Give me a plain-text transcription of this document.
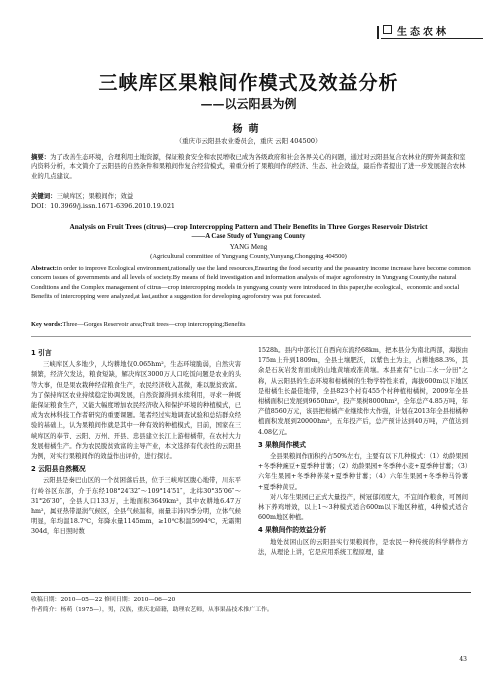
生态农林
三峡库区果粮间作模式及效益分析
——以云阳县为例
杨萌
（重庆市云阳县农业委员会，重庆 云阳 404500）
摘要：为了改善生态环境，合理利用土地资源，保证粮食安全和农民增收已成为各级政府和社会各界关心的问题，通过对云阳县复合农林业的野外调查和室内资料分析，本文简介了云阳县的自然条件和果粮间作复合经营模式，着重分析了果粮间作的经济、生态、社会效益，最后作者提出了进一步发展混合农林业的几点建议。
关键词：三峡库区；果粮间作；效益
DOI：10.3969/j.issn.1671-6396.2010.19.021
Analysis on Fruit Trees (citrus)—crop Intercropping Pattern and Their Benefits in Three Gorges Reservoir District
——A Case Study of Yungyang County
YANG Meng
(Agricultural committee of Yungyang County,Yunyang,Chongqing 404500)
Abstract:in order to improve Ecological environment,rationally use the land resources,Ensuring the food security and the peasantry income increase have become common concern issues of governments and all levels of society.By means of field investigation and information analysis of major agroforestry in Yungyang County,the natural Conditions and the Complex management of citrus—crop intercropping models in yungyang county were introduced in this paper,the ecological、economic and social Benefits of intercropping were analyzed,at last,author a suggestion for developing agroforstry was put forecasted.
Key words:Three—Gorges Reservoir area;Fruit trees—crop intercropping;Benefits
1 引言

三峡库区人多地少，人均耕地仅0.065hm²，生态环境脆弱，自然灾害频繁，经济欠发达，粮食短缺，解决库区3000万人口吃饭问题是农业的头等大事，但是果农栽种经营粮食生产，农民经济收入甚微，难以脱贫致富。为了保持库区农业持续稳定协调发展，自然资源得到永续利用，寻求一种既能保证粮食生产，又能大幅度增加农民经济收入和保护环境的种植模式，已成为农林科技工作者研究的重要课题。笔者经过实地调查试验和总结群众经验的基础上，认为果粮间作就是其中一种有效的种植模式，目前，国家在三峡库区的奉节、云阳、万州、开县、忠县建立长江上游柑橘带，在农村大力发展柑橘生产。作为农民脱贫致富的主导产业，本文选择有代表性的云阳县为例，对实行果粮间作的效益作出评价，进行探讨。

2 云阳县自然概况

云阳县是秦巴山区的一个贫困落后县，位于三峡库区腹心地带，川东平行岭谷区东部，介于东经108°24′32″～109°14′51″，北纬30°35′06″～31°26′30″，全县人口133万，土地面积3649km²，其中农耕地6.47万hm²，属亚热带湿润气候区，全县气候温和，雨量丰沛四季分明，立体气候明显，年均温18.7℃，年降水量1145mm，≥10℃积温5994℃，无霜期304d，年日照时数

1528h。县内中部长江自西向东流经68km，把本县分为南北两部，海拔由175m上升到1809m，全县土壤肥沃，以紫色土为主，占耕地88.3%，其余是石灰岩发育而成的山地黄壤或准黄壤。本县素有"七山二水一分田"之称，从云阳县的生态环境和柑橘树的生物学特性来看，海拔600m以下地区是柑橘生长最佳地带，全县823个村有455个村种植柑橘树，2009年全县柑橘面积已发展到9650hm²，投产果树8000hm²，全年总产4.85万吨，年产值8560万元，该县把柑橘产业继续作大作强，计划在2013年全县柑橘种植面积发展到20000hm²，五年投产后，总产预计达到40万吨，产值达到4.08亿元。

3 果粮间作模式

全县果粮间作面积约占50%左右，主要有以下几种模式：（1）幼龄果园+冬季种豌豆+夏季种甘薯；（2）幼龄果园+冬季种小麦+夏季种甘薯；（3）六年生果园+冬季种荞菜+夏季种甘薯；（4）六年生果园+冬季种马铃薯+夏季种黄豆。

对八年生果园已正式大量投产，树冠郁闭度大，不宜间作粮食，可图间林下养鸡增效，以上1～3种模式适合600m以下地区种植，4种模式适合600m地区种植。

4 果粮间作的效益分析

地处贫困山区的云阳县实行果粮间作，是农民一种传统的科学耕作方法，从理论上讲，它是应用系统工程原理，建

收稿日期：2010—05—22 修回日期：2010—06—20
作者简介：杨萌（1975—），男，汉族，重庆北碚籍，助理农艺师，从事果品技术推广工作。
43
